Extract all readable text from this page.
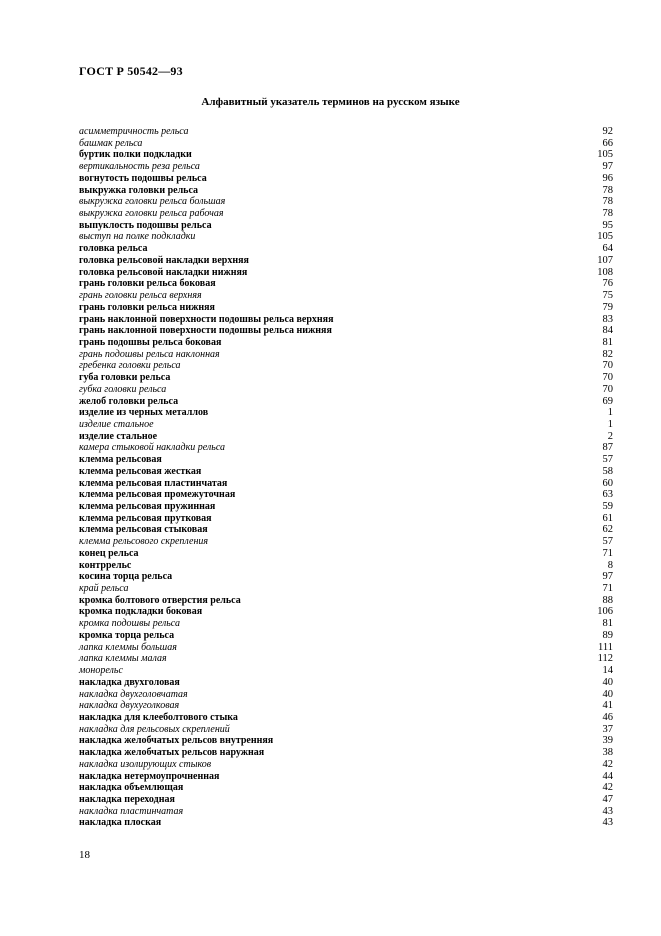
ГОСТ Р 50542—93
Алфавитный указатель терминов на русском языке
асимметричность рельса	92
башмак рельса	66
буртик полки подкладки	105
вертикальность реза рельса	97
вогнутость подошвы рельса	96
выкружка головки рельса	78
выкружка головки рельса большая	78
выкружка головки рельса рабочая	78
выпуклость подошвы рельса	95
выступ на полке подкладки	105
головка рельса	64
головка рельсовой накладки верхняя	107
головка рельсовой накладки нижняя	108
грань головки рельса боковая	76
грань головки рельса верхняя	75
грань головки рельса нижняя	79
грань наклонной поверхности подошвы рельса верхняя	83
грань наклонной поверхности подошвы рельса нижняя	84
грань подошвы рельса боковая	81
грань подошвы рельса наклонная	82
гребенка головки рельса	70
губа головки рельса	70
губка головки рельса	70
желоб головки рельса	69
изделие из черных металлов	1
изделие стальное	1
изделие стальное	2
камера стыковой накладки рельса	87
клемма рельсовая	57
клемма рельсовая жесткая	58
клемма рельсовая пластинчатая	60
клемма рельсовая промежуточная	63
клемма рельсовая пружинная	59
клемма рельсовая прутковая	61
клемма рельсовая стыковая	62
клемма рельсового скрепления	57
конец рельса	71
контррельс	8
косина торца рельса	97
край рельса	71
кромка болтового отверстия рельса	88
кромка подкладки боковая	106
кромка подошвы рельса	81
кромка торца рельса	89
лапка клеммы большая	111
лапка клеммы малая	112
монорельс	14
накладка двухголовая	40
накладка двухголовчатая	40
накладка двухуголковая	41
накладка для клееболтового стыка	46
накладка для рельсовых скреплений	37
накладка желобчатых рельсов внутренняя	39
накладка желобчатых рельсов наружная	38
накладка изолирующих стыков	42
накладка нетермоупрочненная	44
накладка объемлющая	42
накладка переходная	47
накладка пластинчатая	43
накладка плоская	43
18
